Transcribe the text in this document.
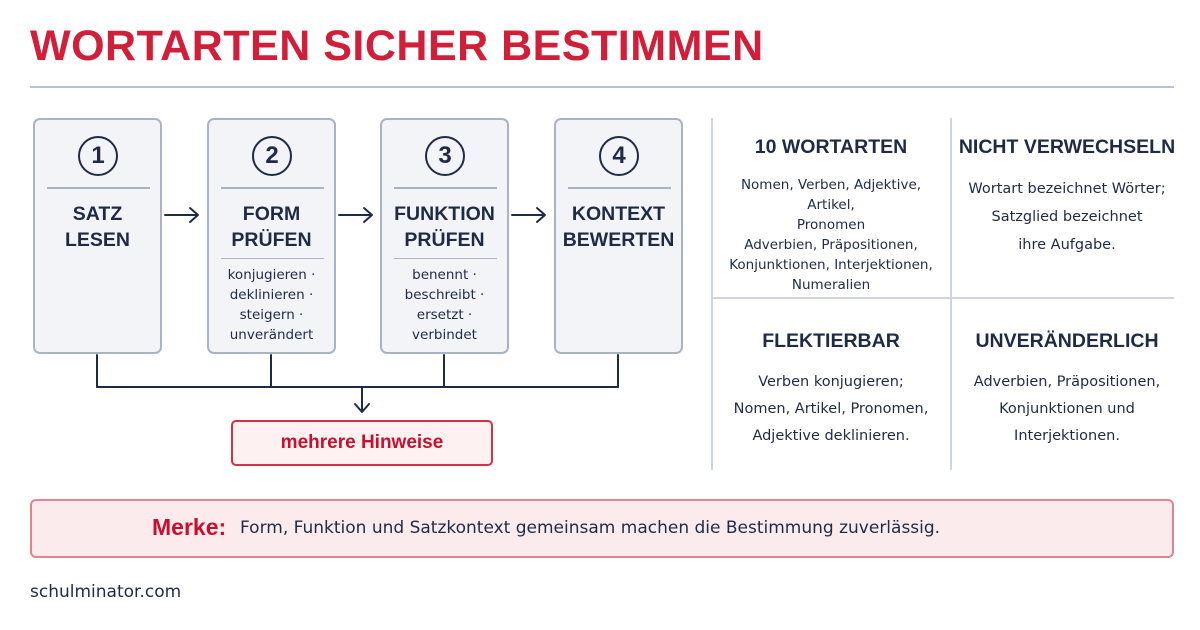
WORTARTEN SICHER BESTIMMEN
1
SATZ
LESEN
2
FORM
PRÜFEN
konjugieren ·
deklinieren ·
steigern ·
unverändert
3
FUNKTION
PRÜFEN
benennt ·
beschreibt ·
ersetzt ·
verbindet
4
KONTEXT
BEWERTEN
mehrere Hinweise
10 WORTARTEN
Nomen, Verben, Adjektive, Artikel,
Pronomen
Adverbien, Präpositionen,
Konjunktionen, Interjektionen,
Numeralien
NICHT VERWECHSELN
Wortart bezeichnet Wörter;
Satzglied bezeichnet
ihre Aufgabe.
FLEKTIERBAR
Verben konjugieren;
Nomen, Artikel, Pronomen,
Adjektive deklinieren.
UNVERÄNDERLICH
Adverbien, Präpositionen,
Konjunktionen und
Interjektionen.
Merke: Form, Funktion und Satzkontext gemeinsam machen die Bestimmung zuverlässig.
schulminator.com
